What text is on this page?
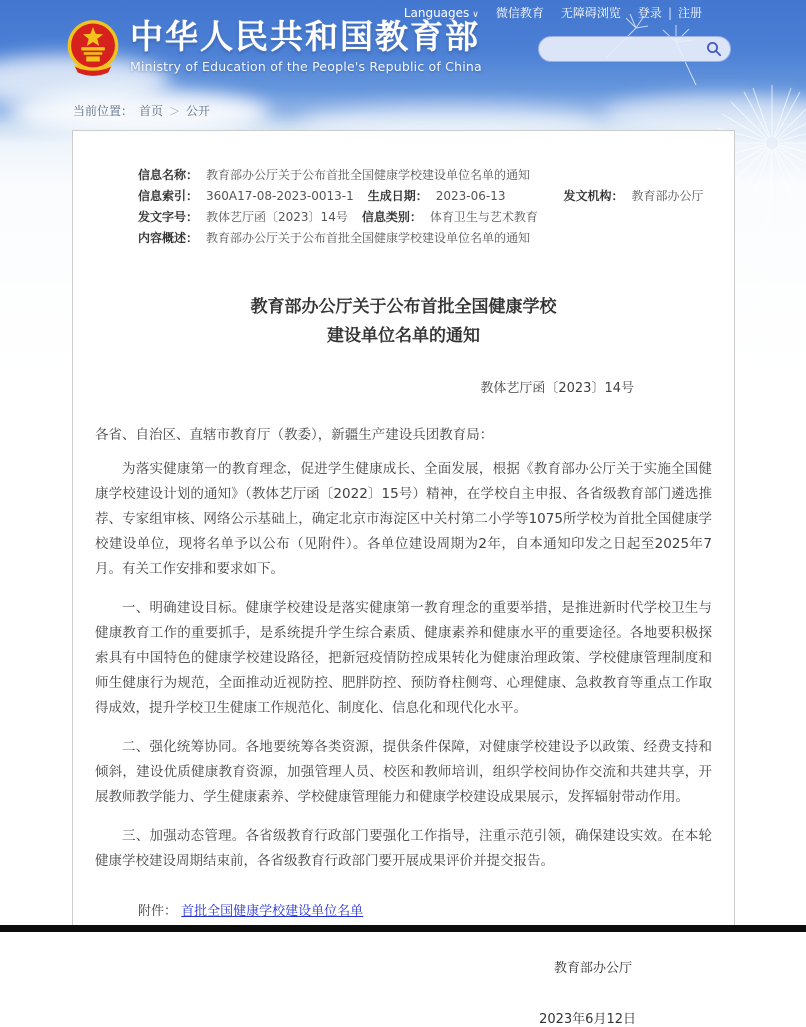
Languages ∨ 微信教育 无障碍浏览 登录 | 注册
中华人民共和国教育部
Ministry of Education of the People's Republic of China
当前位置： 首页 ＞ 公开
信息名称： 教育部办公厅关于公布首批全国健康学校建设单位名单的通知
信息索引： 360A17-08-2023-0013-1 生成日期： 2023-06-13	发文机构： 教育部办公厅
发文字号： 教体艺厅函〔2023〕14号 信息类别： 体育卫生与艺术教育
内容概述： 教育部办公厅关于公布首批全国健康学校建设单位名单的通知
教育部办公厅关于公布首批全国健康学校
建设单位名单的通知
教体艺厅函〔2023〕14号
各省、自治区、直辖市教育厅（教委），新疆生产建设兵团教育局：

为落实健康第一的教育理念，促进学生健康成长、全面发展，根据《教育部办公厅关于实施全国健康学校建设计划的通知》（教体艺厅函〔2022〕15号）精神，在学校自主申报、各省级教育部门遴选推荐、专家组审核、网络公示基础上，确定北京市海淀区中关村第二小学等1075所学校为首批全国健康学校建设单位，现将名单予以公布（见附件）。各单位建设周期为2年，自本通知印发之日起至2025年7月。有关工作安排和要求如下。

一、明确建设目标。健康学校建设是落实健康第一教育理念的重要举措，是推进新时代学校卫生与健康教育工作的重要抓手，是系统提升学生综合素质、健康素养和健康水平的重要途径。各地要积极探索具有中国特色的健康学校建设路径，把新冠疫情防控成果转化为健康治理政策、学校健康管理制度和师生健康行为规范，全面推动近视防控、肥胖防控、预防脊柱侧弯、心理健康、急救教育等重点工作取得成效，提升学校卫生健康工作规范化、制度化、信息化和现代化水平。

二、强化统筹协同。各地要统筹各类资源，提供条件保障，对健康学校建设予以政策、经费支持和倾斜，建设优质健康教育资源，加强管理人员、校医和教师培训，组织学校间协作交流和共建共享，开展教师教学能力、学生健康素养、学校健康管理能力和健康学校建设成果展示，发挥辐射带动作用。

三、加强动态管理。各省级教育行政部门要强化工作指导，注重示范引领，确保建设实效。在本轮健康学校建设周期结束前，各省级教育行政部门要开展成果评价并提交报告。

附件： 首批全国健康学校建设单位名单
教育部办公厅
2023年6月12日
